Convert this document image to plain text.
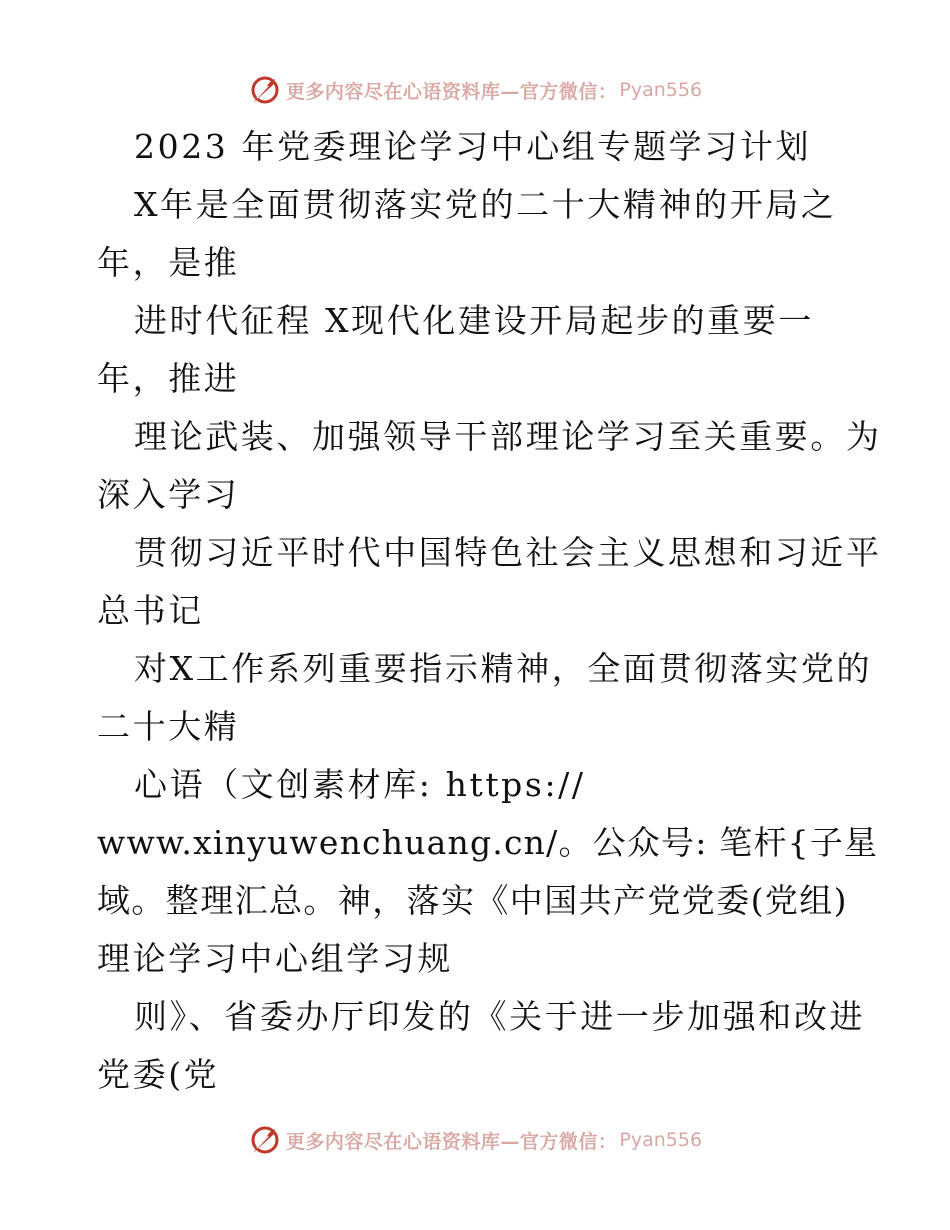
更多内容尽在心语资料库—官方微信： Pyan556
2023 年党委理论学习中心组专题学习计划
X年是全面贯彻落实党的二十大精神的开局之
年，是推
进时代征程 X现代化建设开局起步的重要一
年，推进
理论武装、加强领导干部理论学习至关重要。为
深入学习
贯彻习近平时代中国特色社会主义思想和习近平
总书记
对X工作系列重要指示精神，全面贯彻落实党的
二十大精
心语（文创素材库: https://
www.xinyuwenchuang.cn/。公众号: 笔杆{子星
域。整理汇总。神，落实《中国共产党党委(党组)
理论学习中心组学习规
则》、省委办厅印发的《关于进一步加强和改进
党委(党
更多内容尽在心语资料库—官方微信： Pyan556
